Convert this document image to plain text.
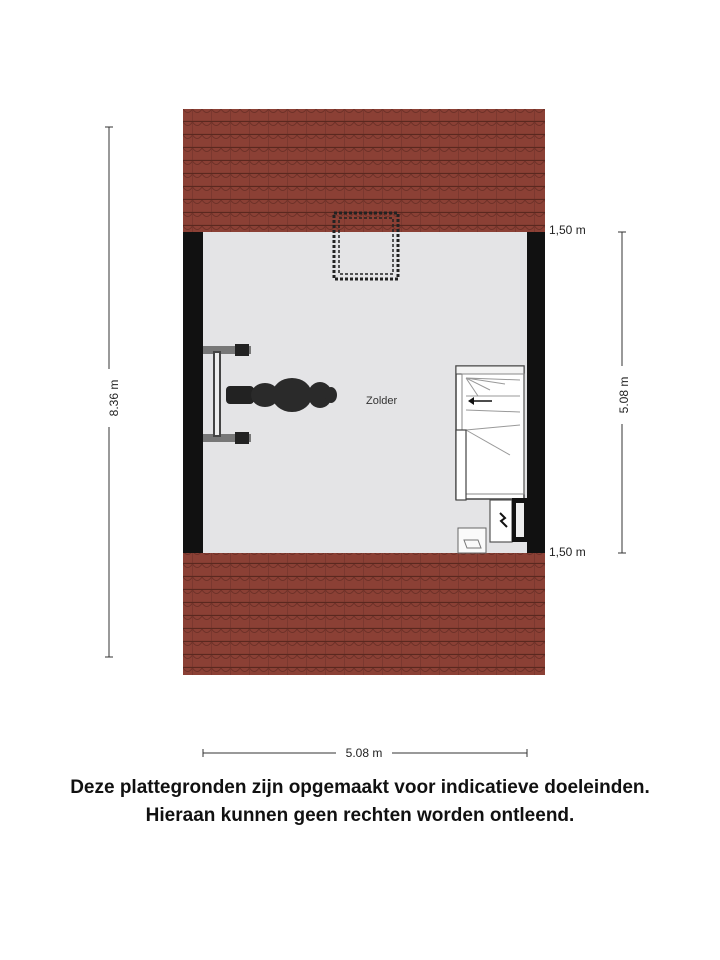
Zolder
8.36 m	5.08 m
1,50 m
1,50 m
5.08 m
Deze plattegronden zijn opgemaakt voor indicatieve doeleinden.
Hieraan kunnen geen rechten worden ontleend.
